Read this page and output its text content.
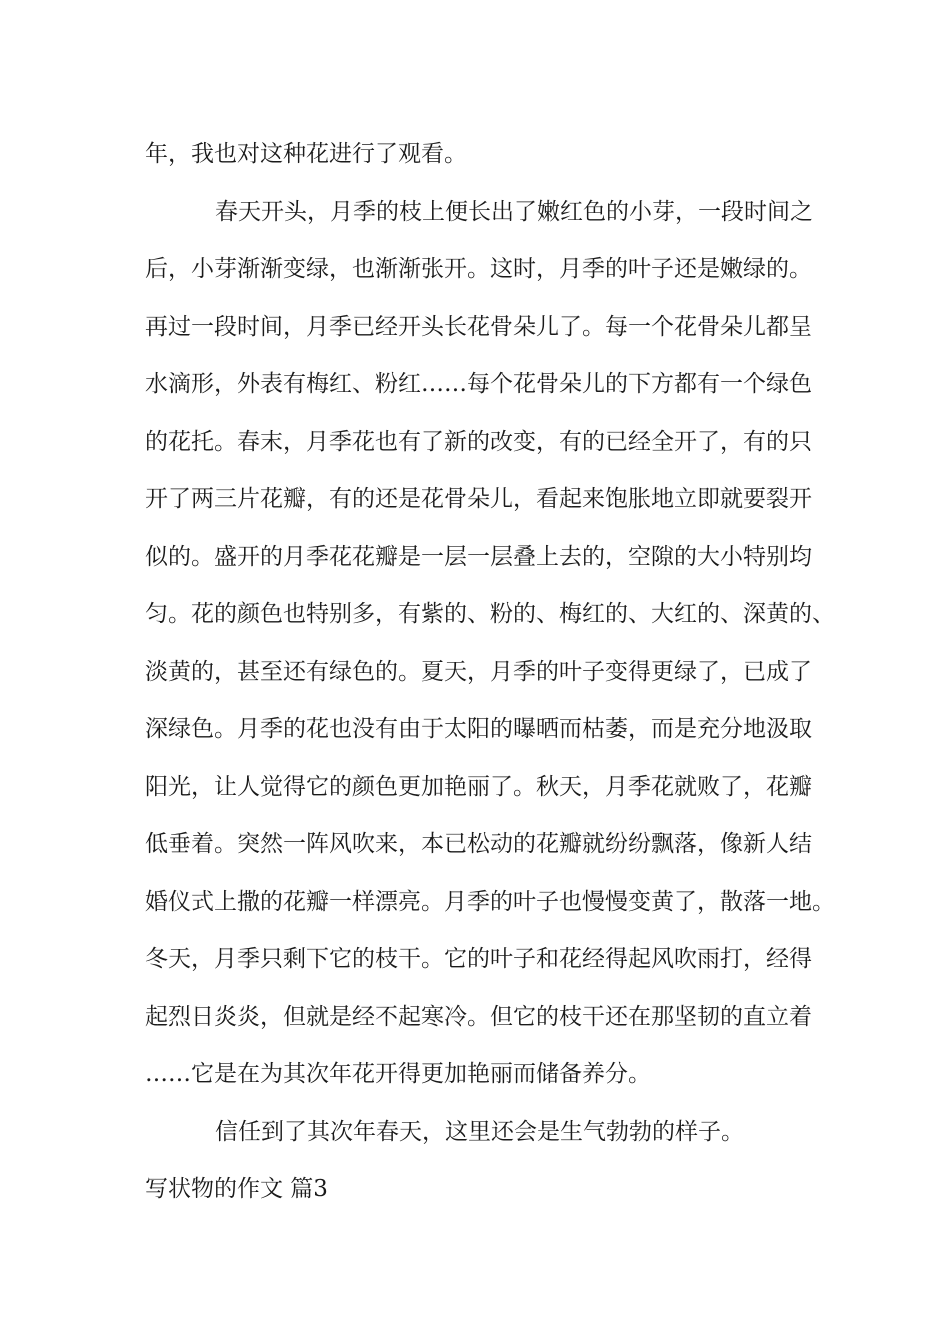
年，我也对这种花进行了观看。
春天开头，月季的枝上便长出了嫩红色的小芽，一段时间之
后，小芽渐渐变绿，也渐渐张开。这时，月季的叶子还是嫩绿的。
再过一段时间，月季已经开头长花骨朵儿了。每一个花骨朵儿都呈
水滴形，外表有梅红、粉红……每个花骨朵儿的下方都有一个绿色
的花托。春末，月季花也有了新的改变，有的已经全开了，有的只
开了两三片花瓣，有的还是花骨朵儿，看起来饱胀地立即就要裂开
似的。盛开的月季花花瓣是一层一层叠上去的，空隙的大小特别均
匀。花的颜色也特别多，有紫的、粉的、梅红的、大红的、深黄的、
淡黄的，甚至还有绿色的。夏天，月季的叶子变得更绿了，已成了
深绿色。月季的花也没有由于太阳的曝晒而枯萎，而是充分地汲取
阳光，让人觉得它的颜色更加艳丽了。秋天，月季花就败了，花瓣
低垂着。突然一阵风吹来，本已松动的花瓣就纷纷飘落，像新人结
婚仪式上撒的花瓣一样漂亮。月季的叶子也慢慢变黄了，散落一地。
冬天，月季只剩下它的枝干。它的叶子和花经得起风吹雨打，经得
起烈日炎炎，但就是经不起寒冷。但它的枝干还在那坚韧的直立着
……它是在为其次年花开得更加艳丽而储备养分。
信任到了其次年春天，这里还会是生气勃勃的样子。
写状物的作文 篇3
